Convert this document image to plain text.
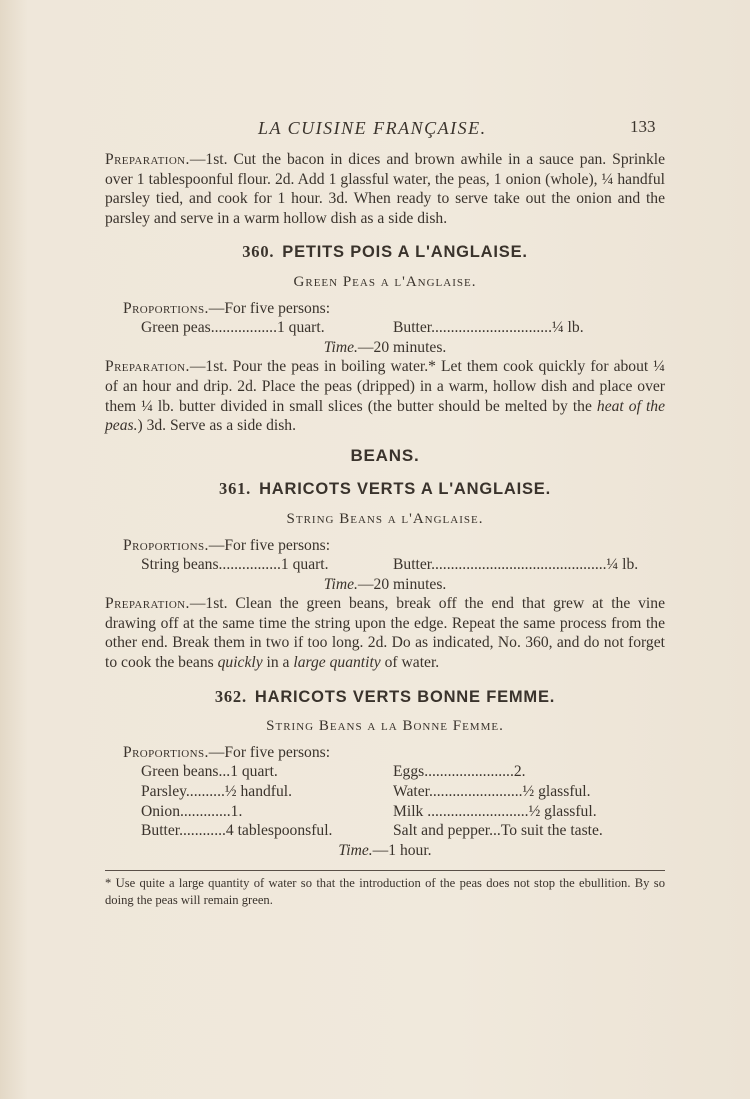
LA CUISINE FRANÇAISE.	133

Preparation.—1st. Cut the bacon in dices and brown awhile in a sauce pan. Sprinkle over 1 tablespoonful flour. 2d. Add 1 glassful water, the peas, 1 onion (whole), ¼ handful parsley tied, and cook for 1 hour. 3d. When ready to serve take out the onion and the parsley and serve in a warm hollow dish as a side dish.

360. PETITS POIS A L'ANGLAISE.
Green Peas a l'Anglaise.
Proportions.—For five persons:
Green peas.................1 quart.	Butter...............................¼ lb.
Time.—20 minutes.

Preparation.—1st. Pour the peas in boiling water.* Let them cook quickly for about ¼ of an hour and drip. 2d. Place the peas (dripped) in a warm, hollow dish and place over them ¼ lb. butter divided in small slices (the butter should be melted by the heat of the peas.) 3d. Serve as a side dish.

BEANS.
361. HARICOTS VERTS A L'ANGLAISE.
String Beans a l'Anglaise.
Proportions.—For five persons:
String beans................1 quart.	Butter.............................................¼ lb.
Time.—20 minutes.

Preparation.—1st. Clean the green beans, break off the end that grew at the vine drawing off at the same time the string upon the edge. Repeat the same process from the other end. Break them in two if too long. 2d. Do as indicated, No. 360, and do not forget to cook the beans quickly in a large quantity of water.

362. HARICOTS VERTS BONNE FEMME.
String Beans a la Bonne Femme.
Proportions.—For five persons:
Green beans...1 quart.	Eggs.......................2.
Parsley..........½ handful.	Water........................½ glassful.
Onion.............1.	Milk ..........................½ glassful.
Butter............4 tablespoonsful.	Salt and pepper...To suit the taste.
Time.—1 hour.

* Use quite a large quantity of water so that the introduction of the peas does not stop the ebullition. By so doing the peas will remain green.
